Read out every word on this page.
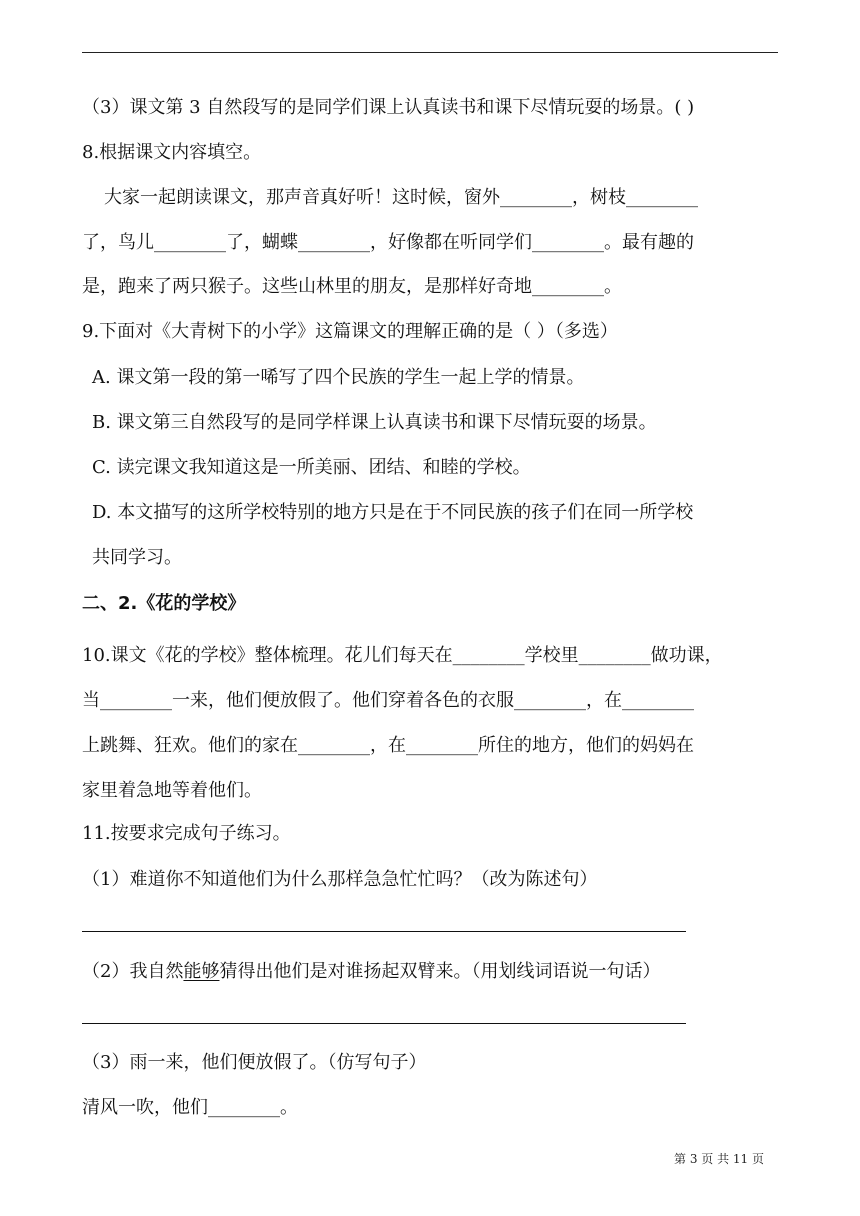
（3）课文第 3 自然段写的是同学们课上认真读书和课下尽情玩耍的场景。( )
8.根据课文内容填空。
大家一起朗读课文，那声音真好听！这时候，窗外________，树枝________
了，鸟儿________了，蝴蝶________，好像都在听同学们________。最有趣的
是，跑来了两只猴子。这些山林里的朋友，是那样好奇地________。
9.下面对《大青树下的小学》这篇课文的理解正确的是（ ）（多选）
A. 课文第一段的第一唏写了四个民族的学生一起上学的情景。
B. 课文第三自然段写的是同学样课上认真读书和课下尽情玩耍的场景。
C. 读完课文我知道这是一所美丽、团结、和睦的学校。
D. 本文描写的这所学校特别的地方只是在于不同民族的孩子们在同一所学校
共同学习。
二、2.《花的学校》
10.课文《花的学校》整体梳理。花儿们每天在________学校里________做功课，
当________一来，他们便放假了。他们穿着各色的衣服________，在________
上跳舞、狂欢。他们的家在________，在________所住的地方，他们的妈妈在
家里着急地等着他们。
11.按要求完成句子练习。
（1）难道你不知道他们为什么那样急急忙忙吗？（改为陈述句）
（2）我自然能够猜得出他们是对谁扬起双臂来。（用划线词语说一句话）
（3）雨一来，他们便放假了。（仿写句子）
清风一吹，他们________。
第 3 页 共 11 页
